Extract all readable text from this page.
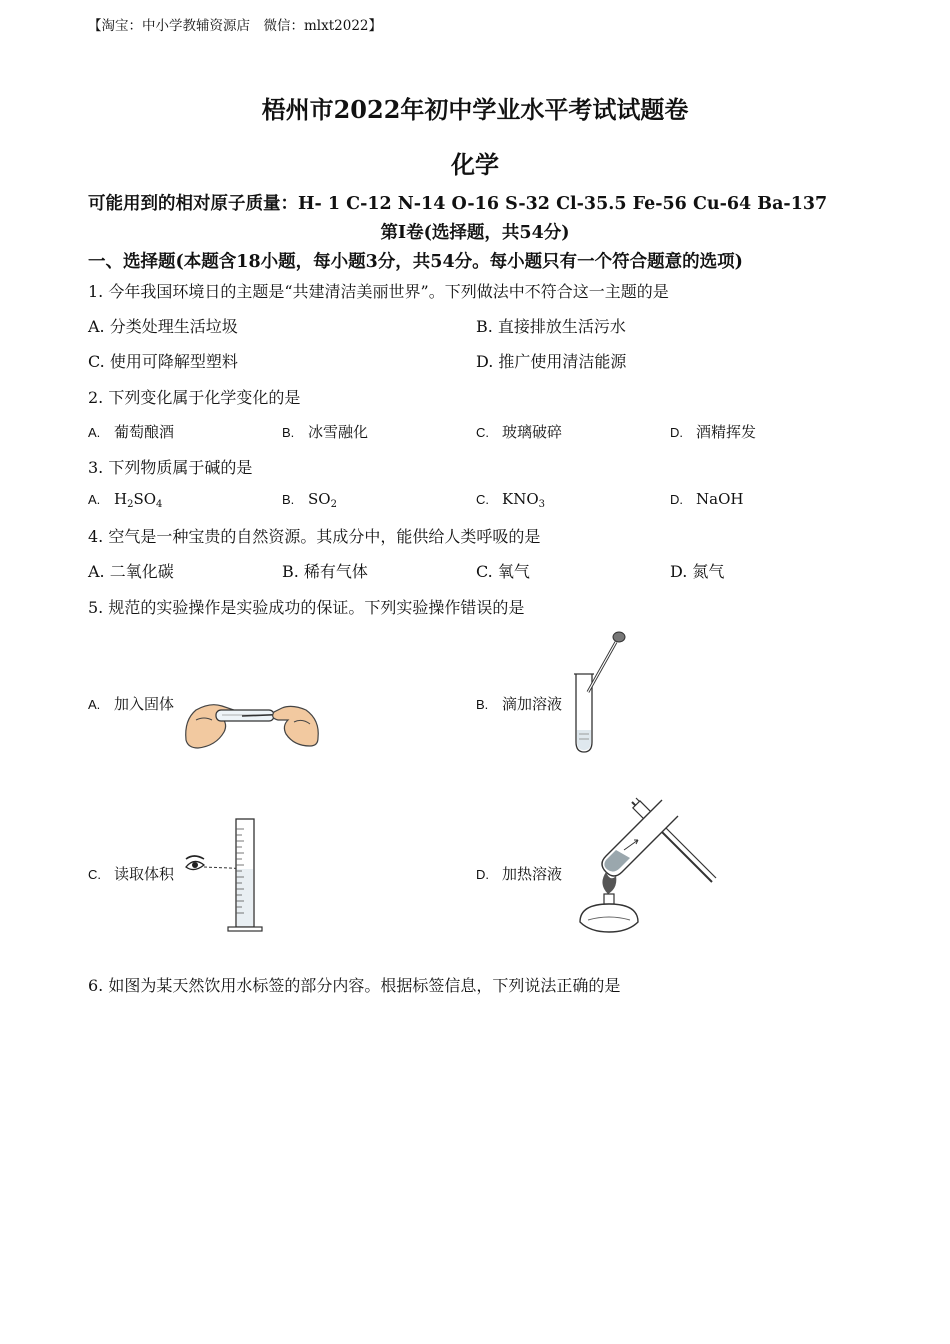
【淘宝：中小学教辅资源店　微信：mlxt2022】
梧州市2022年初中学业水平考试试题卷
化学
可能用到的相对原子质量：H- 1 C-12 N-14 O-16 S-32 Cl-35.5 Fe-56 Cu-64 Ba-137
第Ⅰ卷(选择题，共54分)
一、选择题(本题含18小题，每小题3分，共54分。每小题只有一个符合题意的选项)
1. 今年我国环境日的主题是“共建清洁美丽世界”。下列做法中不符合这一主题的是
A. 分类处理生活垃圾	B. 直接排放生活污水
C. 使用可降解型塑料	D. 推广使用清洁能源
2. 下列变化属于化学变化的是
A. 葡萄酿酒	B. 冰雪融化	C. 玻璃破碎	D. 酒精挥发
3. 下列物质属于碱的是
A. $H_2SO_4$	B. $SO_2$	C. $KNO_3$	D. NaOH
4. 空气是一种宝贵的自然资源。其成分中，能供给人类呼吸的是
A. 二氧化碳	B. 稀有气体	C. 氧气	D. 氮气
5. 规范的实验操作是实验成功的保证。下列实验操作错误的是
A. 加入固体	B. 滴加溶液
C. 读取体积	D. 加热溶液
6. 如图为某天然饮用水标签的部分内容。根据标签信息，下列说法正确的是
